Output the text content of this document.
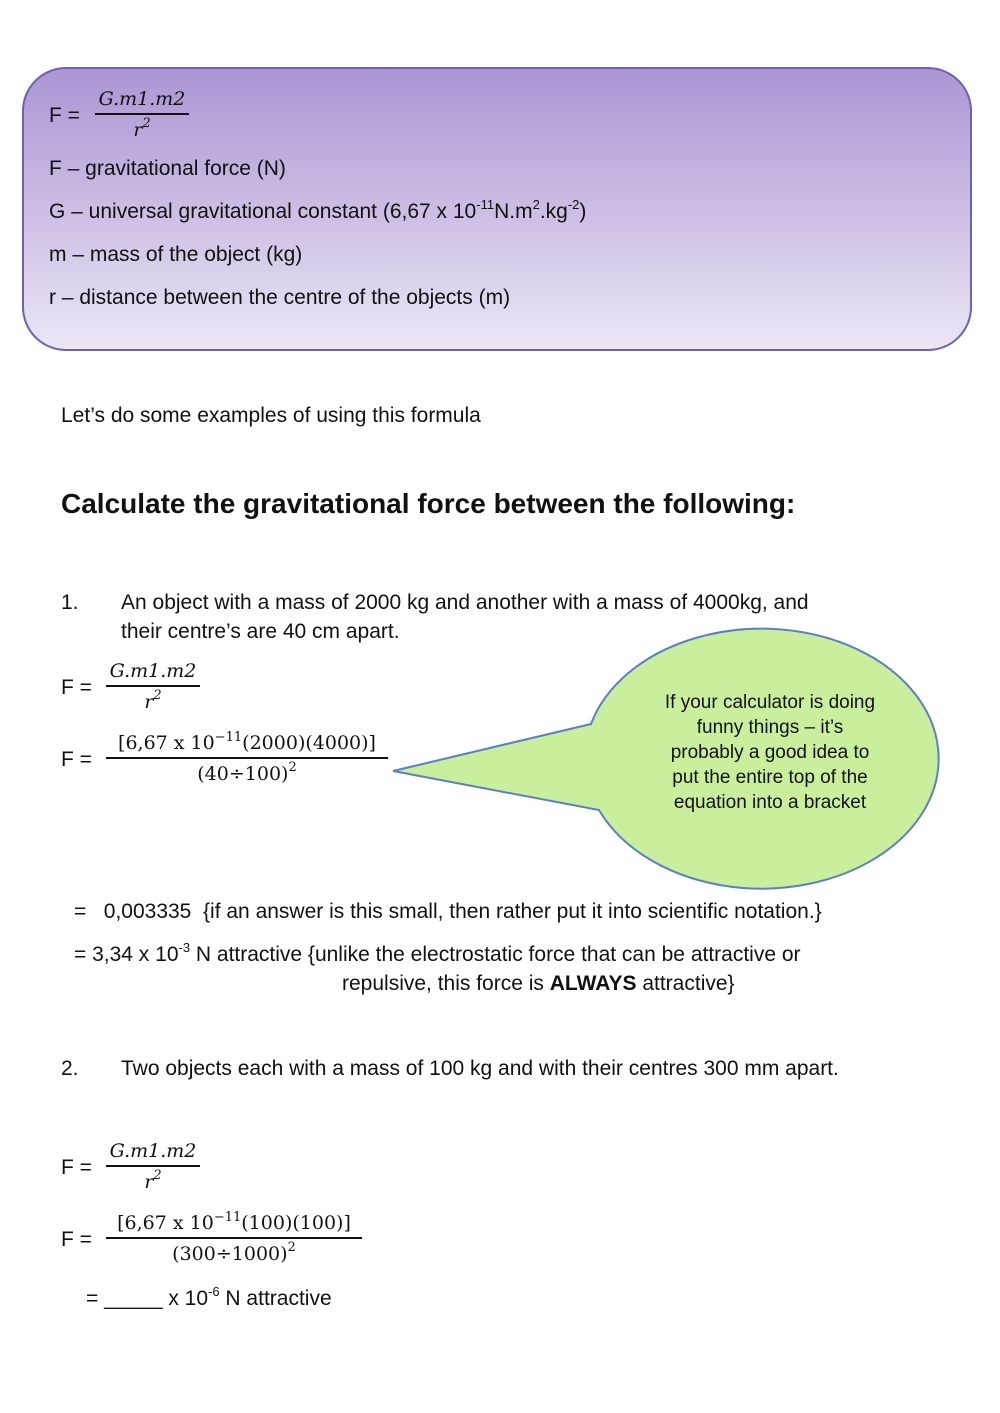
F =
G.m1.m2
$r^2$
F – gravitational force (N)
G – universal gravitational constant (6,67 x $10^{-11}N.m^2.kg^{-2}$)
m – mass of the object (kg)
r – distance between the centre of the objects (m)
Let’s do some examples of using this formula
Calculate the gravitational force between the following:
1. An object with a mass of 2000 kg and another with a mass of 4000kg, and
their centre’s are 40 cm apart.
F =
G.m1.m2
$r^2$
F =
[6,67 x $10^{-11}(2000)(4000)$]
$(40\div 100)^2$
If your calculator is doing
funny things – it’s
probably a good idea to
put the entire top of the
equation into a bracket
=   0,003335  {if an answer is this small, then rather put it into scientific notation.}
= 3,34 x $10^{-3}$ N attractive {unlike the electrostatic force that can be attractive or
repulsive, this force is ALWAYS attractive}
2. Two objects each with a mass of 100 kg and with their centres 300 mm apart.
F =
G.m1.m2
$r^2$
F =
[6,67 x $10^{-11}(100)(100)$]
$(300\div 1000)^2$
= _____ x $10^{-6}$ N attractive
